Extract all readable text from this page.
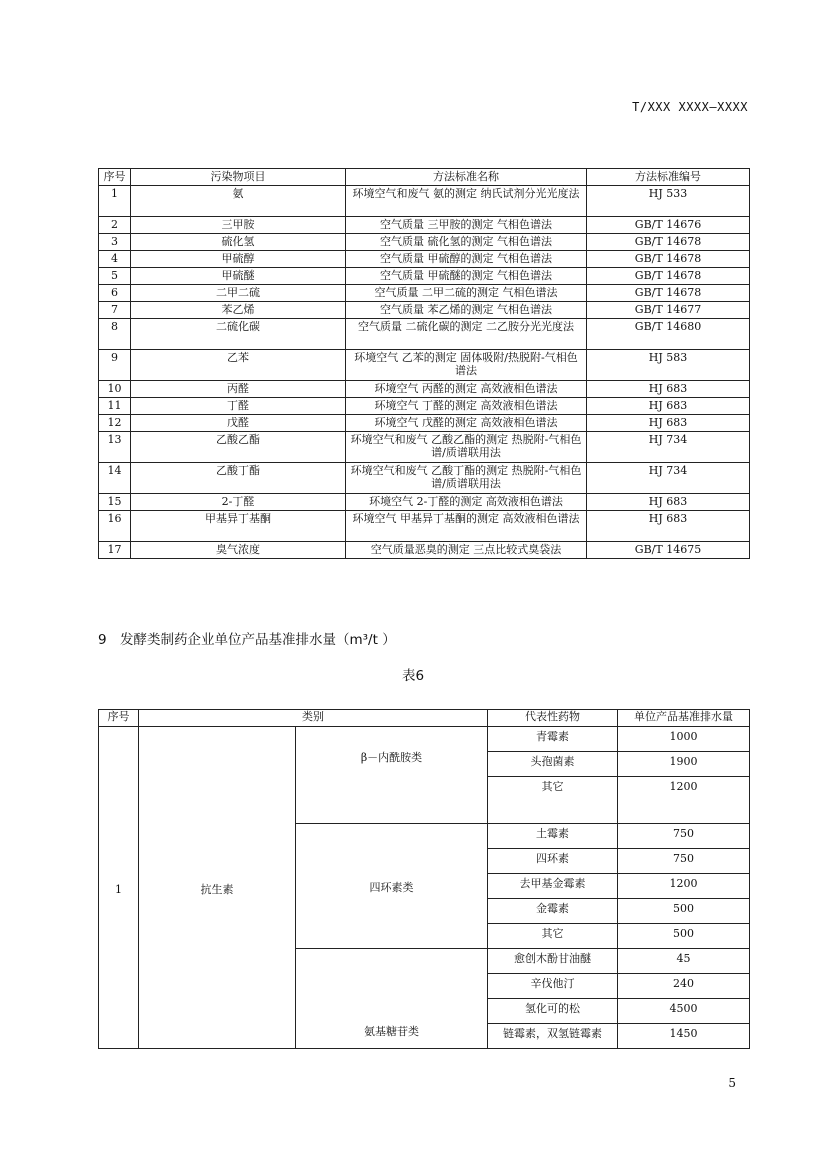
T/XXX XXXX—XXXX
序号	污染物项目	方法标准名称	方法标准编号
1	氨	环境空气和废气 氨的测定 纳氏试剂分光光度法	HJ 533
2	三甲胺	空气质量 三甲胺的测定 气相色谱法	GB/T 14676
3	硫化氢	空气质量 硫化氢的测定 气相色谱法	GB/T 14678
4	甲硫醇	空气质量 甲硫醇的测定 气相色谱法	GB/T 14678
5	甲硫醚	空气质量 甲硫醚的测定 气相色谱法	GB/T 14678
6	二甲二硫	空气质量 二甲二硫的测定 气相色谱法	GB/T 14678
7	苯乙烯	空气质量 苯乙烯的测定 气相色谱法	GB/T 14677
8	二硫化碳	空气质量 二硫化碳的测定 二乙胺分光光度法	GB/T 14680
9	乙苯	环境空气 乙苯的测定 固体吸附/热脱附-气相色谱法	HJ 583
10	丙醛	环境空气 丙醛的测定 高效液相色谱法	HJ 683
11	丁醛	环境空气 丁醛的测定 高效液相色谱法	HJ 683
12	戊醛	环境空气 戊醛的测定 高效液相色谱法	HJ 683
13	乙酸乙酯	环境空气和废气 乙酸乙酯的测定 热脱附-气相色谱/质谱联用法	HJ 734
14	乙酸丁酯	环境空气和废气 乙酸丁酯的测定 热脱附-气相色谱/质谱联用法	HJ 734
15	2-丁醛	环境空气 2-丁醛的测定 高效液相色谱法	HJ 683
16	甲基异丁基酮	环境空气 甲基异丁基酮的测定 高效液相色谱法	HJ 683
17	臭气浓度	空气质量恶臭的测定 三点比较式臭袋法	GB/T 14675
9 发酵类制药企业单位产品基准排水量（m³/t ）
表6
序号	类别		代表性药物	单位产品基准排水量
1	抗生素	β－内酰胺类	青霉素	1000
			头孢菌素	1900
			其它	1200
		四环素类	土霉素	750
			四环素	750
			去甲基金霉素	1200
			金霉素	500
			其它	500
		氨基糖苷类	愈创木酚甘油醚	45
			辛伐他汀	240
			氢化可的松	4500
			链霉素，双氢链霉素	1450
5
